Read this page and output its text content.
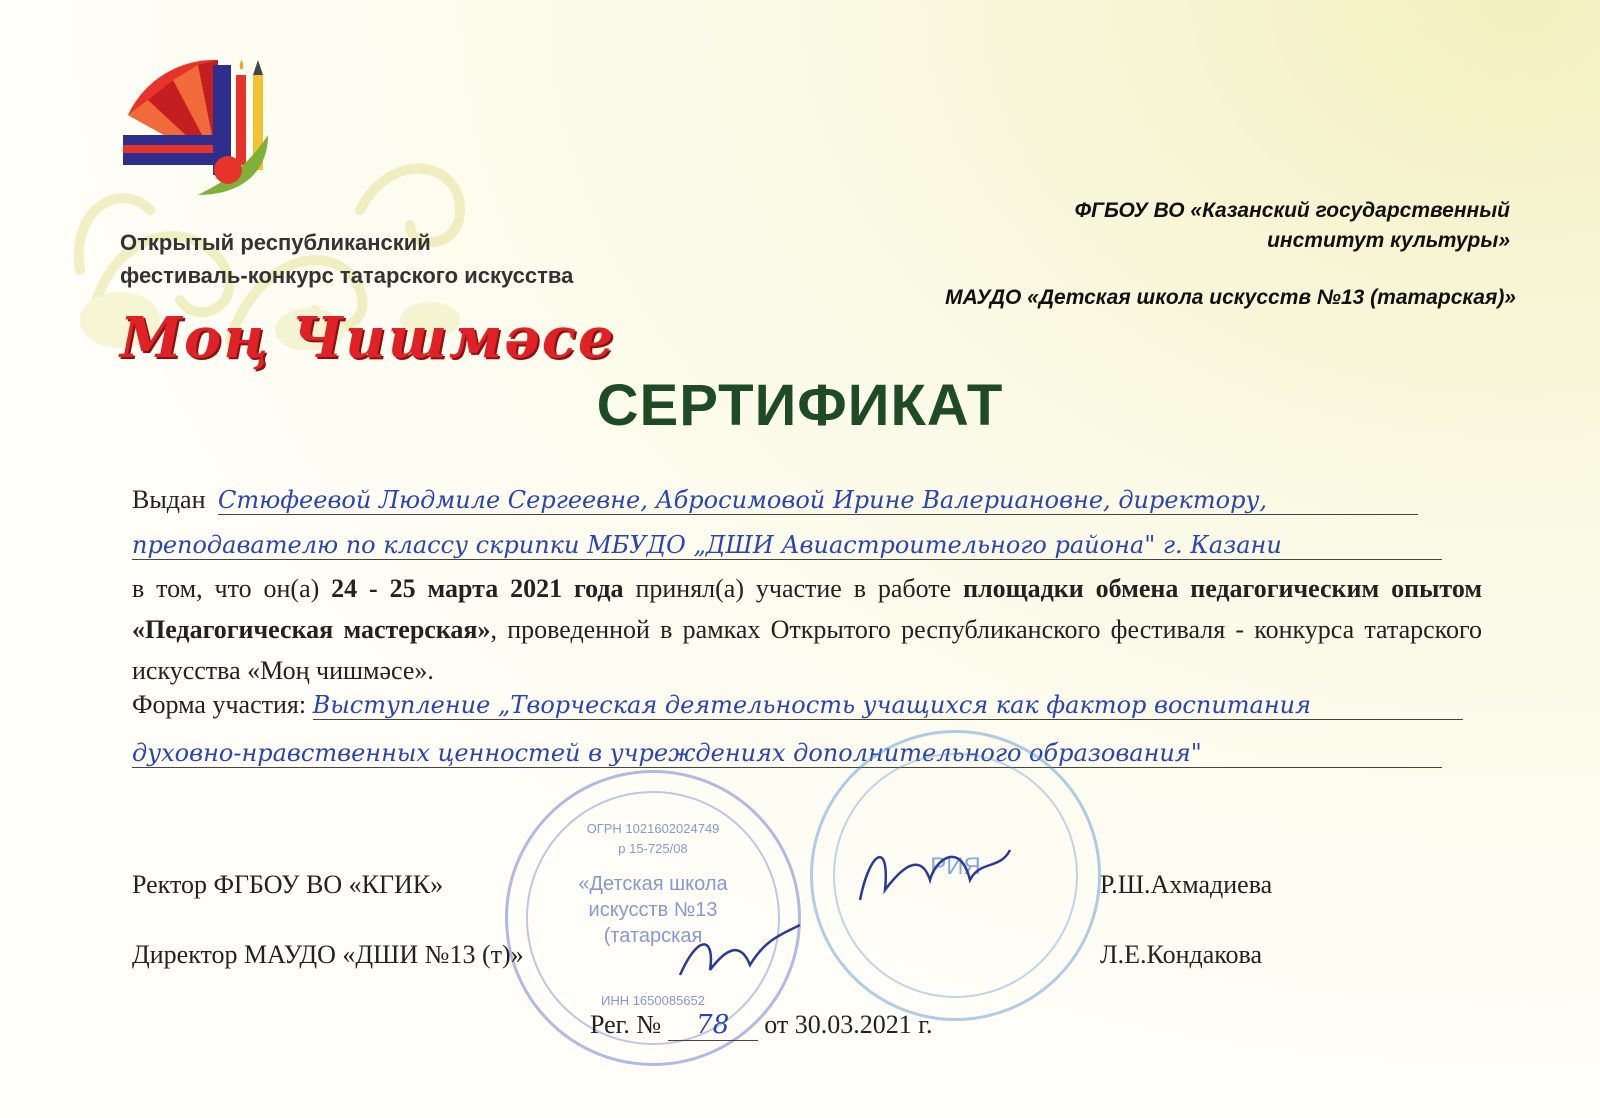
Открытый республиканский
фестиваль-конкурс татарского искусства
Моң Чишмәсе
ФГБОУ ВО «Казанский государственный
институт культуры»
МАУДО «Детская школа искусств №13 (татарская)»
СЕРТИФИКАТ
Выдан Стюфеевой Людмиле Сергеевне, Абросимовой Ирине Валериановне, директору,
преподавателю по классу скрипки МБУДО „ДШИ Авиастроительного района" г. Казани
в том, что он(а) 24 - 25 марта 2021 года принял(а) участие в работе площадки обмена педагогическим опытом «Педагогическая мастерская», проведенной в рамках Открытого республиканского фестиваля - конкурса татарского искусства «Моң чишмәсе».
Форма участия: Выступление „Творческая деятельность учащихся как фактор воспитания
духовно-нравственных ценностей в учреждениях дополнительного образования"
ОГРН 1021602024749
р 15-725/08
«Детская школа
искусств №13
(татарская
ИНН 1650085652
РИЯ
Ректор ФГБОУ ВО «КГИК»	Р.Ш.Ахмадиева
Директор МАУДО «ДШИ №13 (т)»	Л.Е.Кондакова
Рег. № 78 от 30.03.2021 г.
